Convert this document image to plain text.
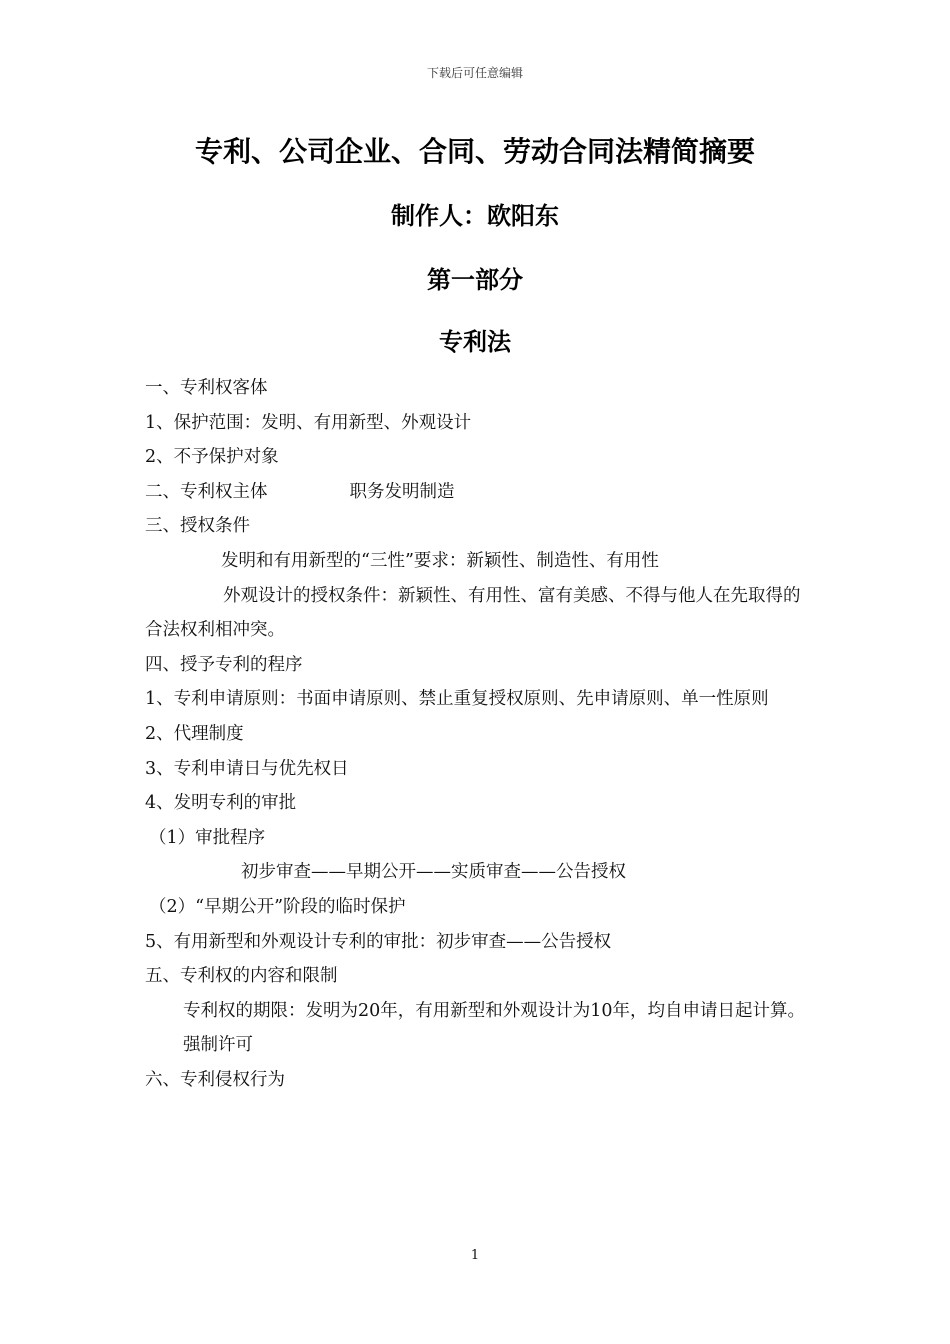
下载后可任意编辑
专利、公司企业、合同、劳动合同法精简摘要
制作人：欧阳东
第一部分
专利法

一、专利权客体

1、保护范围：发明、有用新型、外观设计

2、不予保护对象

二、专利权主体	职务发明制造

三、授权条件

发明和有用新型的“三性”要求：新颖性、制造性、有用性

外观设计的授权条件：新颖性、有用性、富有美感、不得与他人在先取得的合法权利相冲突。

四、授予专利的程序

1、专利申请原则：书面申请原则、禁止重复授权原则、先申请原则、单一性原则

2、代理制度

3、专利申请日与优先权日

4、发明专利的审批

（1）审批程序

初步审查——早期公开——实质审查——公告授权

（2）“早期公开”阶段的临时保护

5、有用新型和外观设计专利的审批：初步审查——公告授权

五、专利权的内容和限制

专利权的期限：发明为20年，有用新型和外观设计为10年，均自申请日起计算。

强制许可

六、专利侵权行为

1
